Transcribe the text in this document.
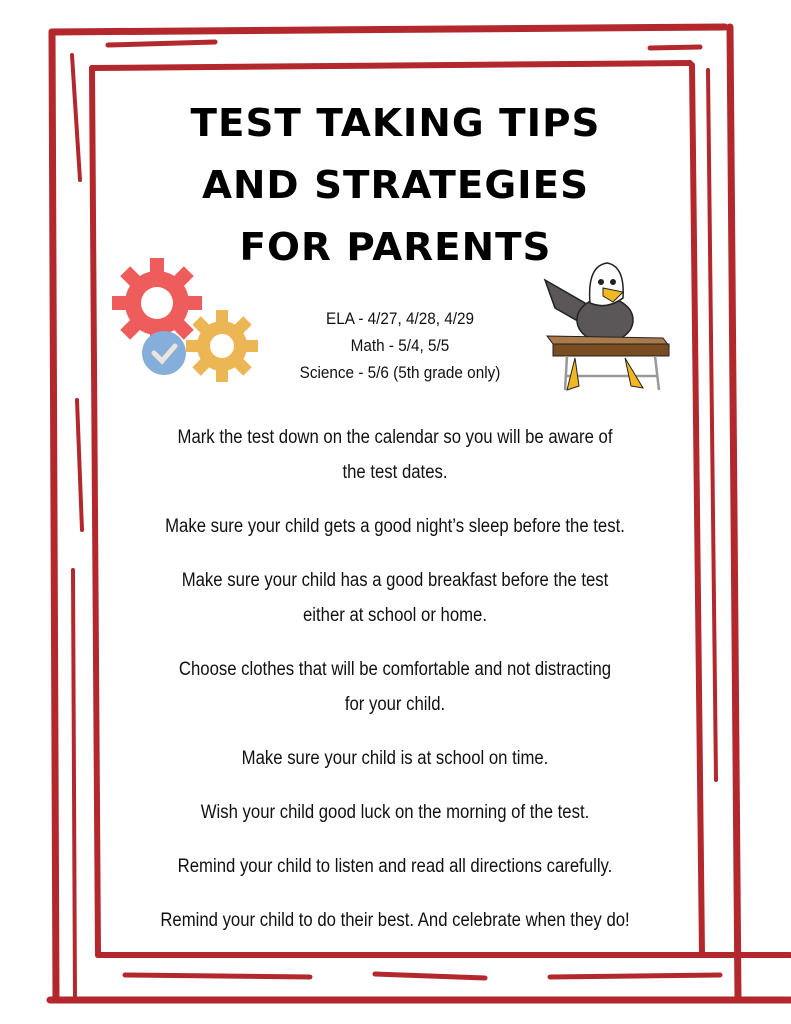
TEST TAKING TIPS
AND STRATEGIES
FOR PARENTS
ELA - 4/27, 4/28, 4/29
Math - 5/4, 5/5
Science - 5/6 (5th grade only)

Mark the test down on the calendar so you will be aware of

the test dates.

Make sure your child gets a good night’s sleep before the test.

Make sure your child has a good breakfast before the test

either at school or home.

Choose clothes that will be comfortable and not distracting

for your child.

Make sure your child is at school on time.
Wish your child good luck on the morning of the test.
Remind your child to listen and read all directions carefully.
Remind your child to do their best. And celebrate when they do!
